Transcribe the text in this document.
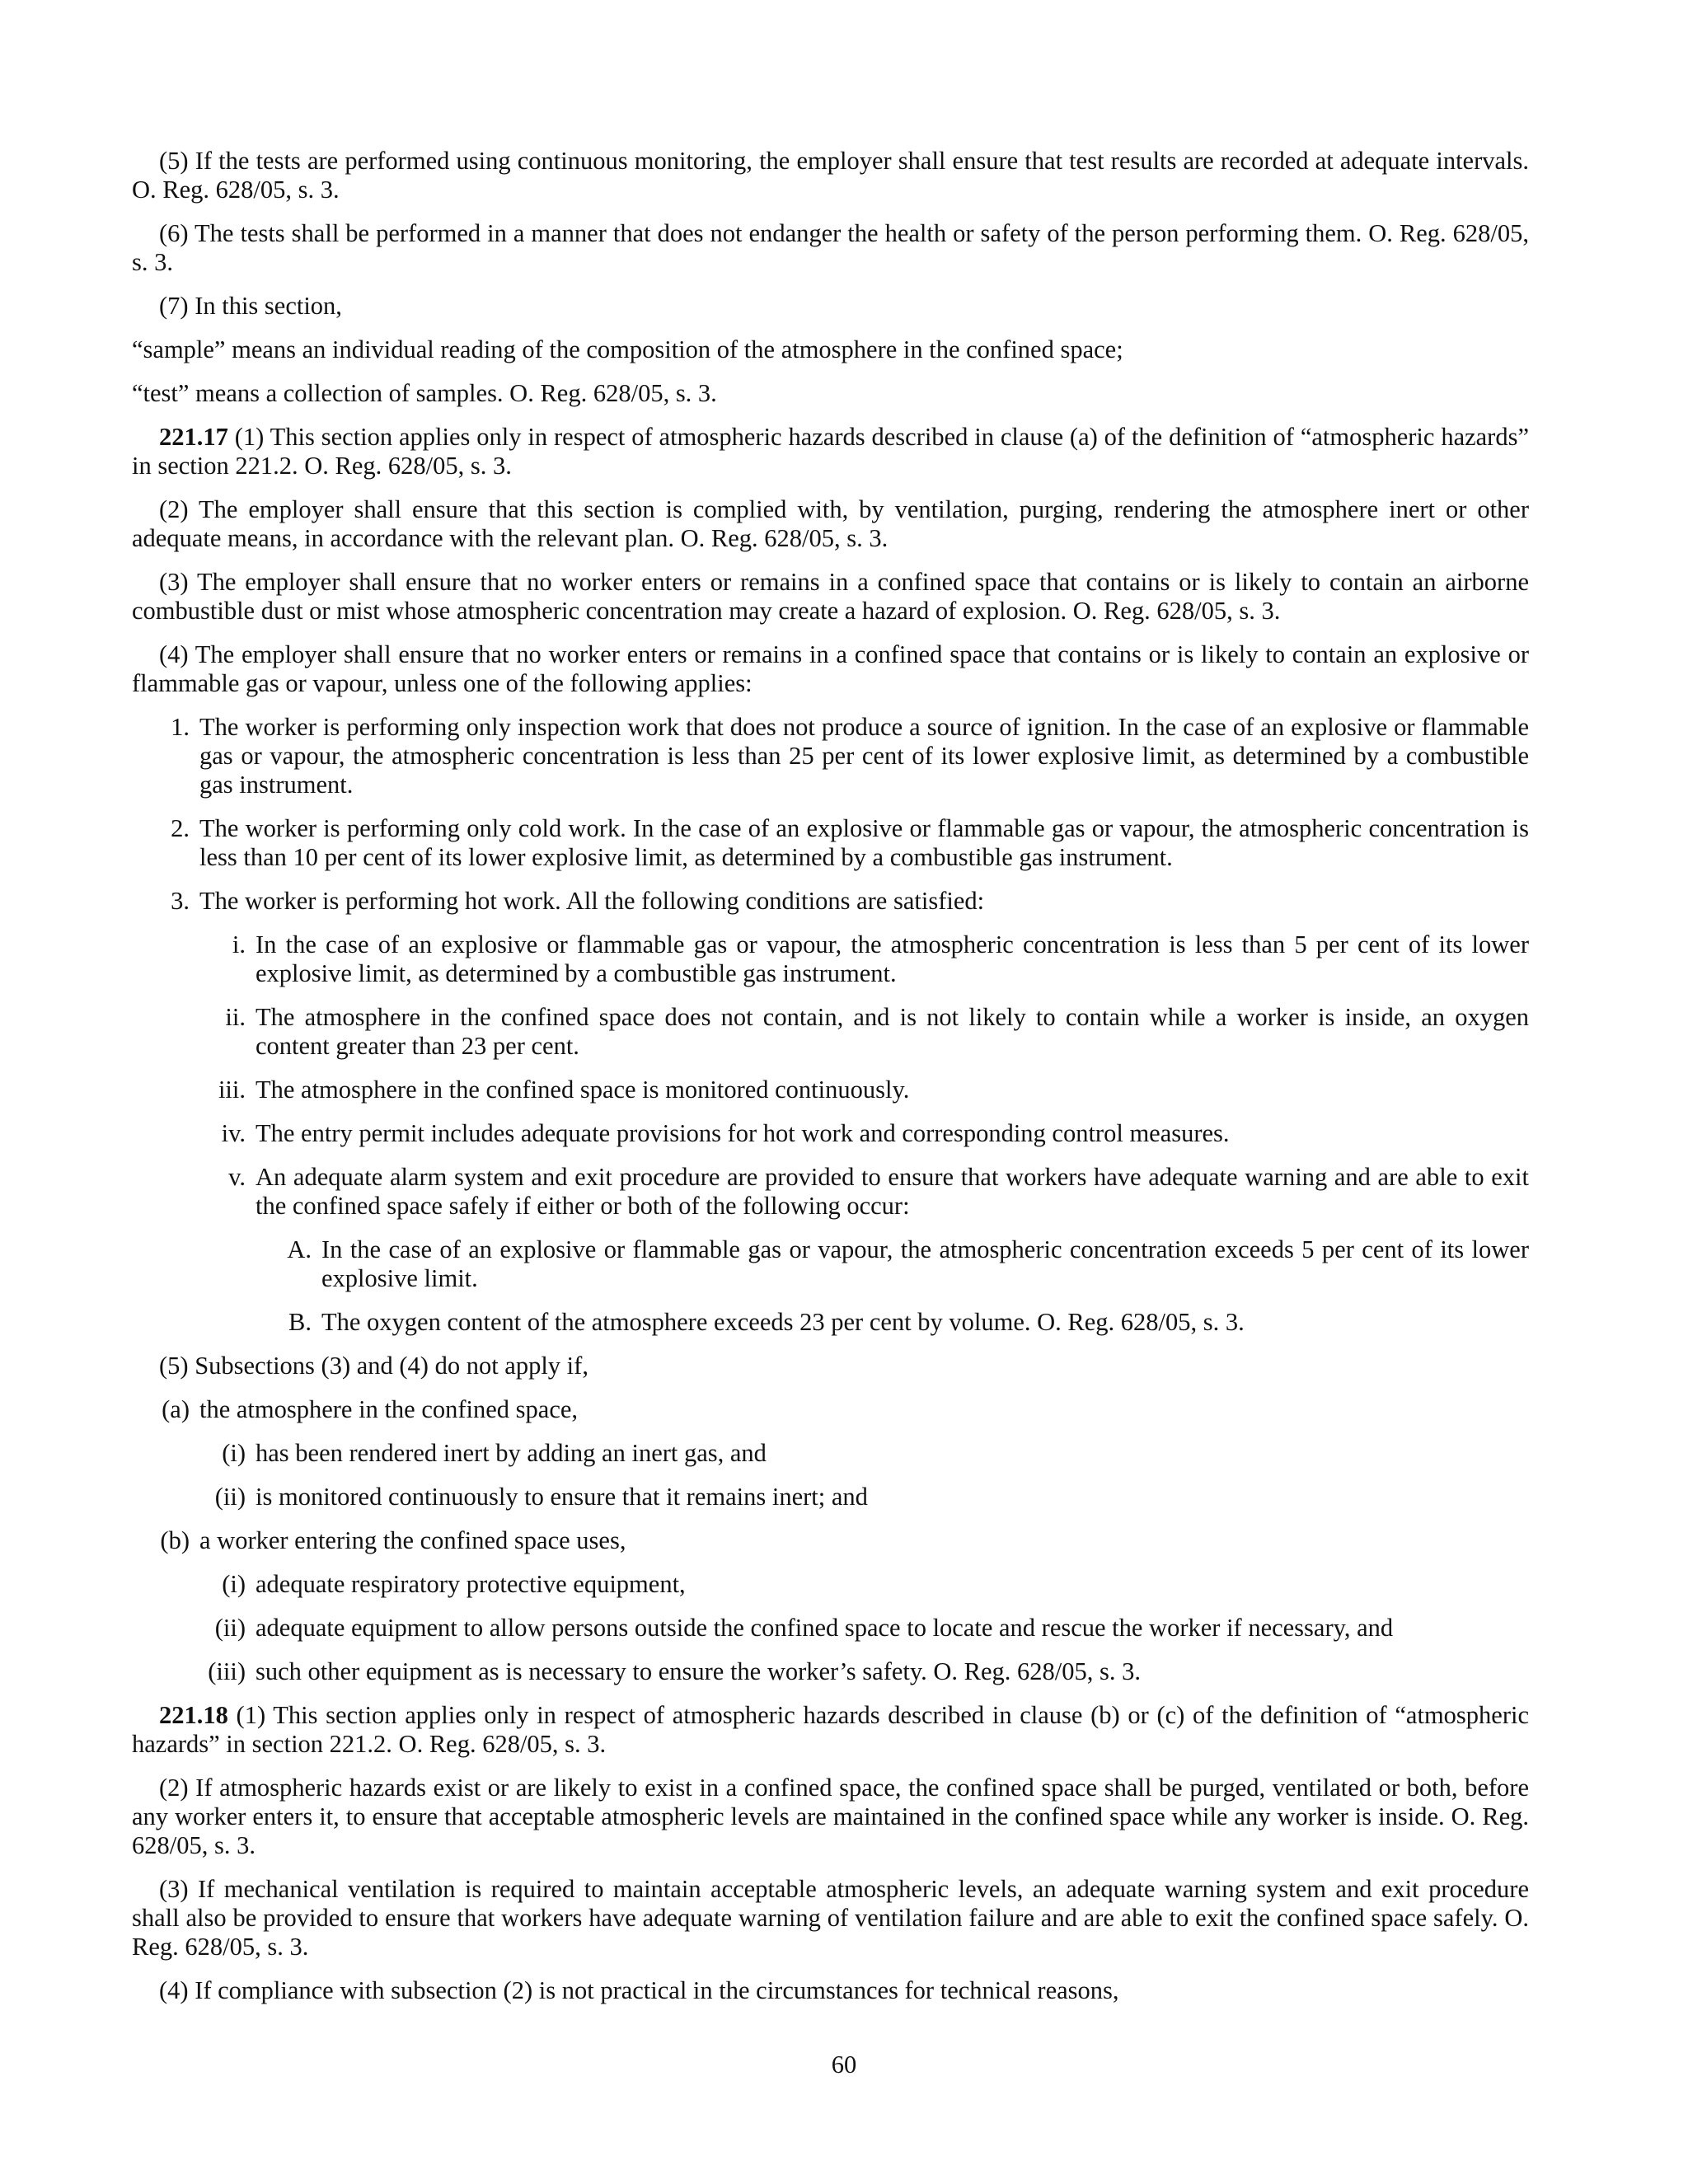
(5) If the tests are performed using continuous monitoring, the employer shall ensure that test results are recorded at adequate intervals. O. Reg. 628/05, s. 3.

(6) The tests shall be performed in a manner that does not endanger the health or safety of the person performing them. O. Reg. 628/05, s. 3.

(7) In this section,

“sample” means an individual reading of the composition of the atmosphere in the confined space;

“test” means a collection of samples. O. Reg. 628/05, s. 3.

221.17 (1) This section applies only in respect of atmospheric hazards described in clause (a) of the definition of “atmospheric hazards” in section 221.2. O. Reg. 628/05, s. 3.

(2) The employer shall ensure that this section is complied with, by ventilation, purging, rendering the atmosphere inert or other adequate means, in accordance with the relevant plan. O. Reg. 628/05, s. 3.

(3) The employer shall ensure that no worker enters or remains in a confined space that contains or is likely to contain an airborne combustible dust or mist whose atmospheric concentration may create a hazard of explosion. O. Reg. 628/05, s. 3.

(4) The employer shall ensure that no worker enters or remains in a confined space that contains or is likely to contain an explosive or flammable gas or vapour, unless one of the following applies:

1. The worker is performing only inspection work that does not produce a source of ignition. In the case of an explosive or flammable gas or vapour, the atmospheric concentration is less than 25 per cent of its lower explosive limit, as determined by a combustible gas instrument.
2. The worker is performing only cold work. In the case of an explosive or flammable gas or vapour, the atmospheric concentration is less than 10 per cent of its lower explosive limit, as determined by a combustible gas instrument.
3. The worker is performing hot work. All the following conditions are satisfied:
i. In the case of an explosive or flammable gas or vapour, the atmospheric concentration is less than 5 per cent of its lower explosive limit, as determined by a combustible gas instrument.
ii. The atmosphere in the confined space does not contain, and is not likely to contain while a worker is inside, an oxygen content greater than 23 per cent.
iii. The atmosphere in the confined space is monitored continuously.
iv. The entry permit includes adequate provisions for hot work and corresponding control measures.
v. An adequate alarm system and exit procedure are provided to ensure that workers have adequate warning and are able to exit the confined space safely if either or both of the following occur:
A. In the case of an explosive or flammable gas or vapour, the atmospheric concentration exceeds 5 per cent of its lower explosive limit.
B. The oxygen content of the atmosphere exceeds 23 per cent by volume. O. Reg. 628/05, s. 3.

(5) Subsections (3) and (4) do not apply if,

(a) the atmosphere in the confined space,
(i) has been rendered inert by adding an inert gas, and
(ii) is monitored continuously to ensure that it remains inert; and
(b) a worker entering the confined space uses,
(i) adequate respiratory protective equipment,
(ii) adequate equipment to allow persons outside the confined space to locate and rescue the worker if necessary, and
(iii) such other equipment as is necessary to ensure the worker’s safety. O. Reg. 628/05, s. 3.

221.18 (1) This section applies only in respect of atmospheric hazards described in clause (b) or (c) of the definition of “atmospheric hazards” in section 221.2. O. Reg. 628/05, s. 3.

(2) If atmospheric hazards exist or are likely to exist in a confined space, the confined space shall be purged, ventilated or both, before any worker enters it, to ensure that acceptable atmospheric levels are maintained in the confined space while any worker is inside. O. Reg. 628/05, s. 3.

(3) If mechanical ventilation is required to maintain acceptable atmospheric levels, an adequate warning system and exit procedure shall also be provided to ensure that workers have adequate warning of ventilation failure and are able to exit the confined space safely. O. Reg. 628/05, s. 3.

(4) If compliance with subsection (2) is not practical in the circumstances for technical reasons,

60
